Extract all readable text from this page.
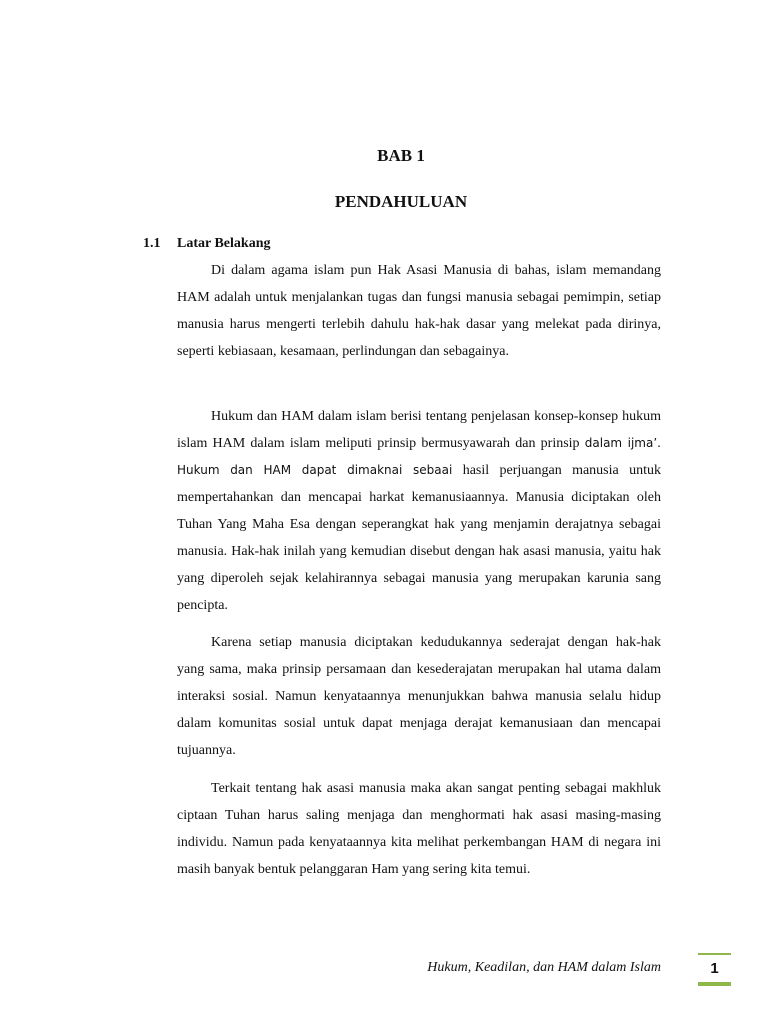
BAB 1
PENDAHULUAN
1.1 Latar Belakang

Di dalam agama islam pun Hak Asasi Manusia di bahas, islam memandang HAM adalah untuk menjalankan tugas dan fungsi manusia sebagai pemimpin, setiap manusia harus mengerti terlebih dahulu hak-hak dasar yang melekat pada dirinya, seperti kebiasaan, kesamaan, perlindungan dan sebagainya.

Hukum dan HAM dalam islam berisi tentang penjelasan konsep-konsep hukum islam HAM dalam islam meliputi prinsip bermusyawarah dan prinsip dalam ijma’. Hukum dan HAM dapat dimaknai sebaai hasil perjuangan manusia untuk mempertahankan dan mencapai harkat kemanusiaannya. Manusia diciptakan oleh Tuhan Yang Maha Esa dengan seperangkat hak yang menjamin derajatnya sebagai manusia. Hak-hak inilah yang kemudian disebut dengan hak asasi manusia, yaitu hak yang diperoleh sejak kelahirannya sebagai manusia yang merupakan karunia sang pencipta.

Karena setiap manusia diciptakan kedudukannya sederajat dengan hak-hak yang sama, maka prinsip persamaan dan kesederajatan merupakan hal utama dalam interaksi sosial. Namun kenyataannya menunjukkan bahwa manusia selalu hidup dalam komunitas sosial untuk dapat menjaga derajat kemanusiaan dan mencapai tujuannya.

Terkait tentang hak asasi manusia maka akan sangat penting sebagai makhluk ciptaan Tuhan harus saling menjaga dan menghormati hak asasi masing-masing individu. Namun pada kenyataannya kita melihat perkembangan HAM di negara ini masih banyak bentuk pelanggaran Ham yang sering kita temui.

Hukum, Keadilan, dan HAM dalam Islam	1
